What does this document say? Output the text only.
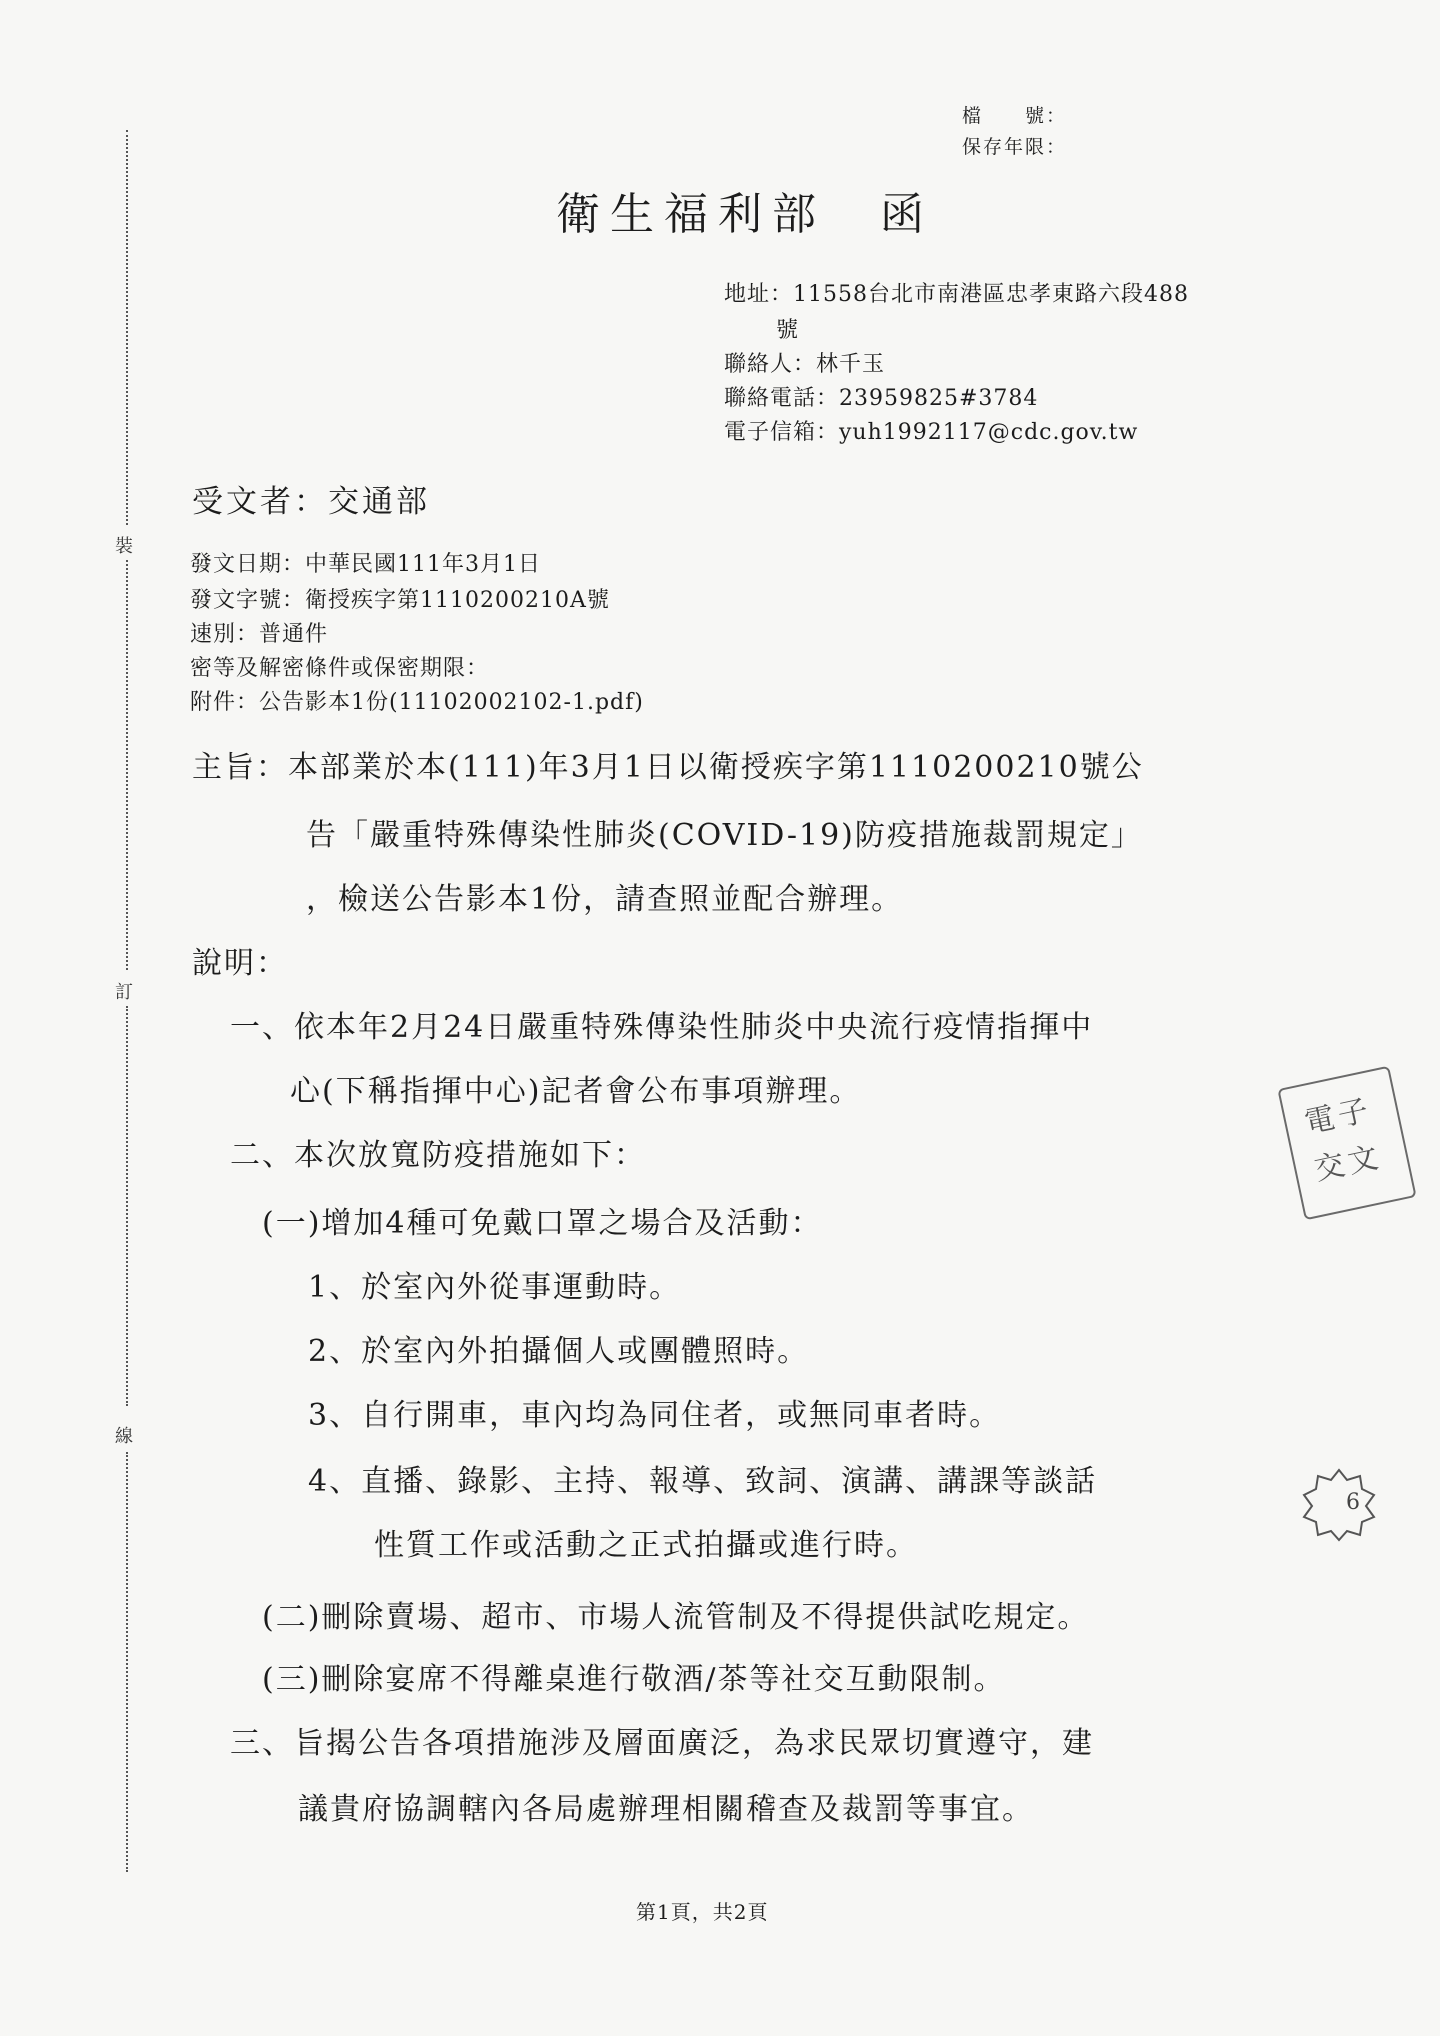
檔　　號：
保存年限：
衛生福利部　函
地址：11558台北市南港區忠孝東路六段488
號
聯絡人：林千玉
聯絡電話：23959825#3784
電子信箱：yuh1992117@cdc.gov.tw
受文者：交通部
發文日期：中華民國111年3月1日
發文字號：衛授疾字第1110200210A號
速別：普通件
密等及解密條件或保密期限：
附件：公告影本1份(11102002102-1.pdf)
主旨：本部業於本(111)年3月1日以衛授疾字第1110200210號公
告「嚴重特殊傳染性肺炎(COVID-19)防疫措施裁罰規定」
，檢送公告影本1份，請查照並配合辦理。
說明：
一、依本年2月24日嚴重特殊傳染性肺炎中央流行疫情指揮中
心(下稱指揮中心)記者會公布事項辦理。
二、本次放寬防疫措施如下：
(一)增加4種可免戴口罩之場合及活動：
1、於室內外從事運動時。
2、於室內外拍攝個人或團體照時。
3、自行開車，車內均為同住者，或無同車者時。
4、直播、錄影、主持、報導、致詞、演講、講課等談話
性質工作或活動之正式拍攝或進行時。
(二)刪除賣場、超市、市場人流管制及不得提供試吃規定。
(三)刪除宴席不得離桌進行敬酒/茶等社交互動限制。
三、旨揭公告各項措施涉及層面廣泛，為求民眾切實遵守，建
議貴府協調轄內各局處辦理相關稽查及裁罰等事宜。
裝
訂
線
電子交文
6
第1頁，共2頁
